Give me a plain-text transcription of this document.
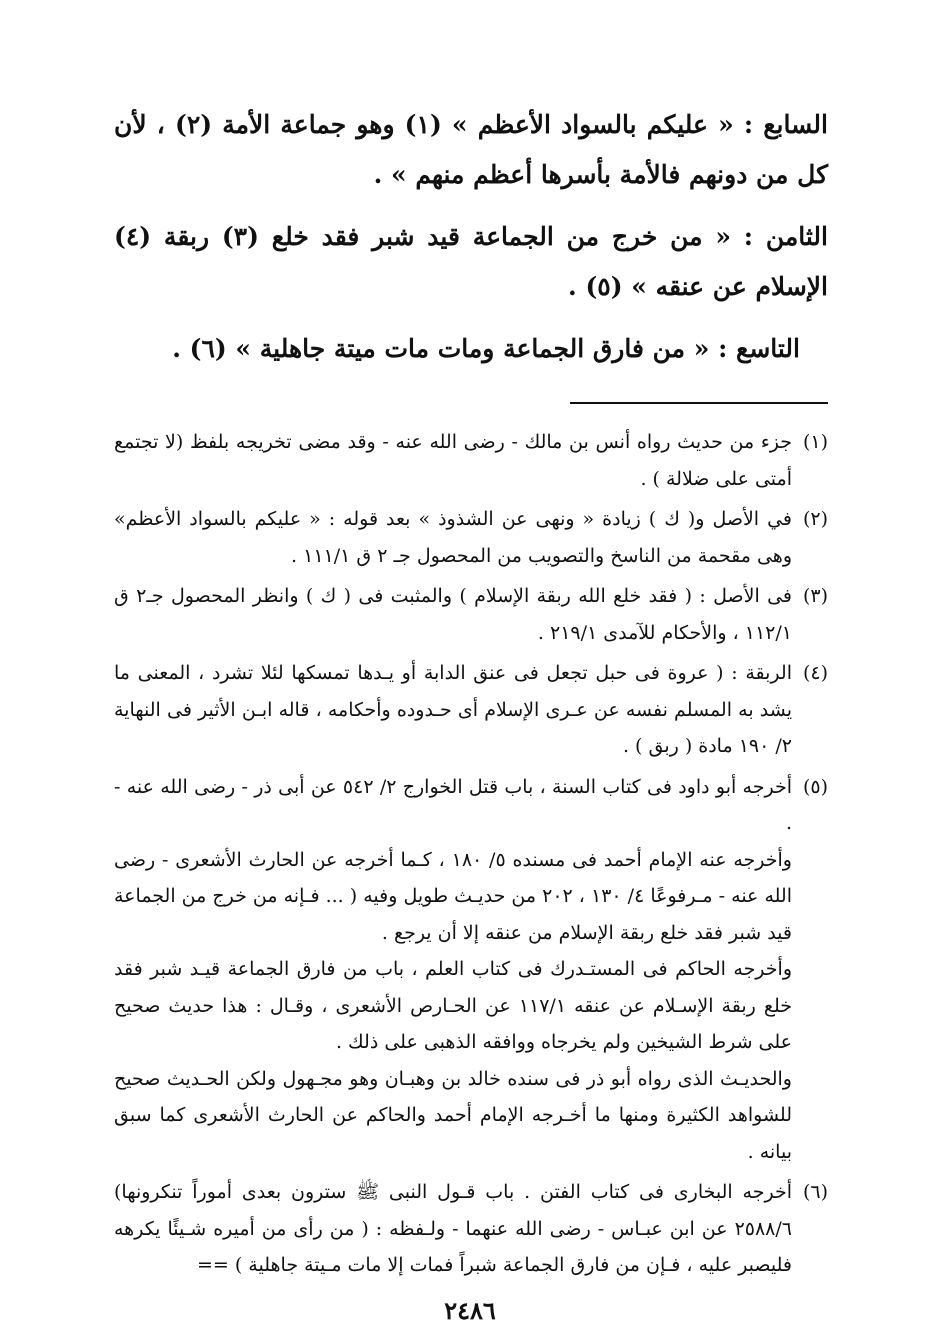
السابع : « عليكم بالسواد الأعظم » (١) وهو جماعة الأمة (٢) ، لأن كل من دونهم فالأمة بأسرها أعظم منهم » .

الثامن : « من خرج من الجماعة قيد شبر فقد خلع (٣) ربقة (٤) الإسلام عن عنقه » (٥) .

التاسع : « من فارق الجماعة ومات مات ميتة جاهلية » (٦) .

(١)

جزء من حديث رواه أنس بن مالك - رضى الله عنه - وقد مضى تخريجه بلفظ (لا تجتمع أمتى على ضلالة ) .

(٢)

في الأصل و( ك ) زيادة « ونهى عن الشذوذ » بعد قوله : « عليكم بالسواد الأعظم» وهى مقحمة من الناسخ والتصويب من المحصول جـ ٢ ق ١١١/١ .

(٣)

فى الأصل : ( فقد خلع الله ربقة الإسلام ) والمثبت فى ( ك ) وانظر المحصول جـ٢ ق ١١٢/١ ، والأحكام للآمدى ٢١٩/١ .

(٤)

الربقة : ( عروة فى حبل تجعل فى عنق الدابة أو يـدها تمسكها لئلا تشرد ، المعنى ما يشد به المسلم نفسه عن عـرى الإسلام أى حـدوده وأحكامه ، قاله ابـن الأثير فى النهاية ٢/ ١٩٠ مادة ( ربق ) .

(٥)

أخرجه أبو داود فى كتاب السنة ، باب قتل الخوارج ٢/ ٥٤٢ عن أبى ذر - رضى الله عنه - .

وأخرجه عنه الإمام أحمد فى مسنده ٥/ ١٨٠ ، كـما أخرجه عن الحارث الأشعرى - رضى الله عنه - مـرفوعًا ٤/ ١٣٠ ، ٢٠٢ من حديـث طويل وفيه ( ... فـإنه من خرج من الجماعة قيد شبر فقد خلع ربقة الإسلام من عنقه إلا أن يرجع .

وأخرجه الحاكم فى المستـدرك فى كتاب العلم ، باب من فارق الجماعة قيـد شبر فقد خلع ربقة الإسـلام عن عنقه ١١٧/١ عن الحـارص الأشعرى ، وقـال : هذا حديث صحيح على شرط الشيخين ولم يخرجاه ووافقه الذهبى على ذلك .

والحديـث الذى رواه أبو ذر فى سنده خالد بن وهبـان وهو مجـهول ولكن الحـديث صحيح للشواهد الكثيرة ومنها ما أخـرجه الإمام أحمد والحاكم عن الحارث الأشعرى كما سبق بيانه .

(٦)

أخرجه البخارى فى كتاب الفتن . باب قـول النبى ﷺ سترون بعدى أموراً تنكرونها) ٢٥٨٨/٦ عن ابن عبـاس - رضى الله عنهما - ولـفظه : ( من رأى من أميره شـيئًا يكرهه فليصبر عليه ، فـإن من فارق الجماعة شبراً فمات إلا مات مـيتة جاهلية ) ==

٢٤٨٦
